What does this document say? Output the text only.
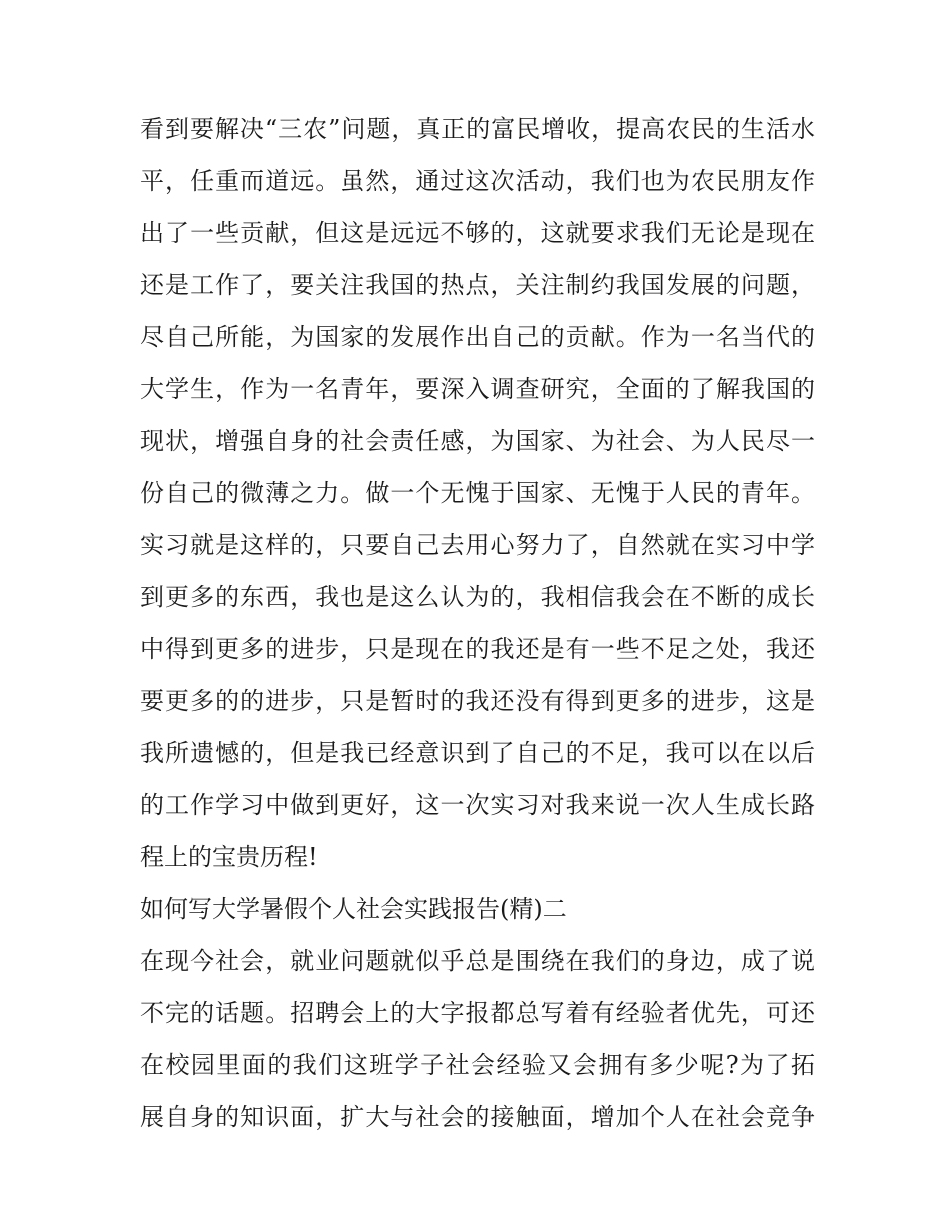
看到要解决“三农”问题，真正的富民增收，提高农民的生活水
平，任重而道远。虽然，通过这次活动，我们也为农民朋友作
出了一些贡献，但这是远远不够的，这就要求我们无论是现在
还是工作了，要关注我国的热点，关注制约我国发展的问题，
尽自己所能，为国家的发展作出自己的贡献。作为一名当代的
大学生，作为一名青年，要深入调查研究，全面的了解我国的
现状，增强自身的社会责任感，为国家、为社会、为人民尽一
份自己的微薄之力。做一个无愧于国家、无愧于人民的青年。
实习就是这样的，只要自己去用心努力了，自然就在实习中学
到更多的东西，我也是这么认为的，我相信我会在不断的成长
中得到更多的进步，只是现在的我还是有一些不足之处，我还
要更多的的进步，只是暂时的我还没有得到更多的进步，这是
我所遗憾的，但是我已经意识到了自己的不足，我可以在以后
的工作学习中做到更好，这一次实习对我来说一次人生成长路
程上的宝贵历程!
如何写大学暑假个人社会实践报告(精)二
在现今社会，就业问题就似乎总是围绕在我们的身边，成了说
不完的话题。招聘会上的大字报都总写着有经验者优先，可还
在校园里面的我们这班学子社会经验又会拥有多少呢?为了拓
展自身的知识面，扩大与社会的接触面，增加个人在社会竞争
